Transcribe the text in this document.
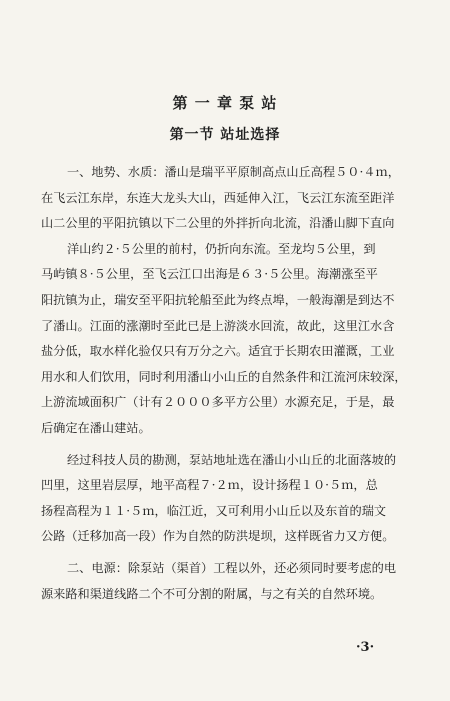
第 一 章 泵 站
第一节 站址选择
一、地势、水质：潘山是瑞平平原制高点山丘高程５０·４ｍ，
在飞云江东岸，东连大龙头大山，西延伸入江，飞云江东流至距洋
山二公里的平阳抗镇以下二公里的外拌折向北流，沿潘山脚下直向
洋山约２·５公里的前村，仍折向东流。至龙均５公里，到
马屿镇８·５公里，至飞云江口出海是６３·５公里。海潮涨至平
阳抗镇为止，瑞安至平阳抗轮船至此为终点埠，一般海潮是到达不
了潘山。江面的涨潮时至此已是上游淡水回流，故此，这里江水含
盐分低，取水样化验仅只有万分之六。适宜于长期农田灌溉，工业
用水和人们饮用，同时利用潘山小山丘的自然条件和江流河床较深，
上游流域面积广（计有２０００多平方公里）水源充足，于是，最
后确定在潘山建站。
经过科技人员的勘测，泵站地址选在潘山小山丘的北面落坡的
凹里，这里岩层厚，地平高程７·２ｍ，设计扬程１０·５ｍ，总
扬程高程为１１·５ｍ，临江近，又可利用小山丘以及东首的瑞文
公路（迁移加高一段）作为自然的防洪堤坝，这样既省力又方便。
二、电源：除泵站（渠首）工程以外，还必须同时要考虑的电
源来路和渠道线路二个不可分割的附属，与之有关的自然环境。
·3·
